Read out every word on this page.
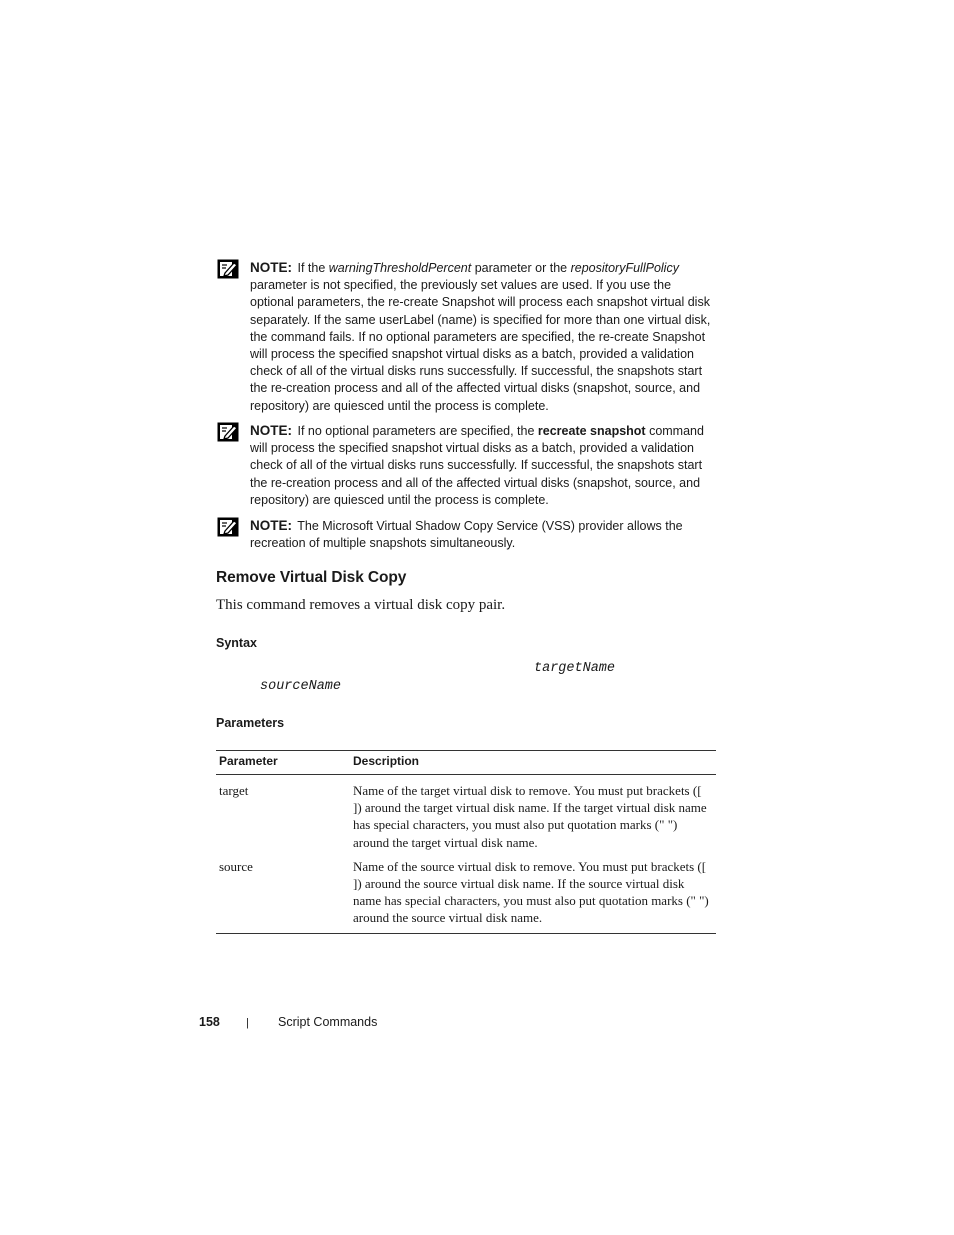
NOTE: If the warningThresholdPercent parameter or the repositoryFullPolicy parameter is not specified, the previously set values are used. If you use the optional parameters, the re-create Snapshot will process each snapshot virtual disk separately. If the same userLabel (name) is specified for more than one virtual disk, the command fails. If no optional parameters are specified, the re-create Snapshot will process the specified snapshot virtual disks as a batch, provided a validation check of all of the virtual disks runs successfully. If successful, the snapshots start the re-creation process and all of the affected virtual disks (snapshot, source, and repository) are quiesced until the process is complete.
NOTE: If no optional parameters are specified, the recreate snapshot command will process the specified snapshot virtual disks as a batch, provided a validation check of all of the virtual disks runs successfully. If successful, the snapshots start the re-creation process and all of the affected virtual disks (snapshot, source, and repository) are quiesced until the process is complete.
NOTE: The Microsoft Virtual Shadow Copy Service (VSS) provider allows the recreation of multiple snapshots simultaneously.
Remove Virtual Disk Copy

This command removes a virtual disk copy pair.

Syntax
targetName
sourceName
Parameters
Parameter	Description
target	Name of the target virtual disk to remove. You must put brackets ([ ]) around the target virtual disk name. If the target virtual disk name has special characters, you must also put quotation marks (" ") around the target virtual disk name.
source	Name of the source virtual disk to remove. You must put brackets ([ ]) around the source virtual disk name. If the source virtual disk name has special characters, you must also put quotation marks (" ") around the source virtual disk name.
158 | Script Commands
